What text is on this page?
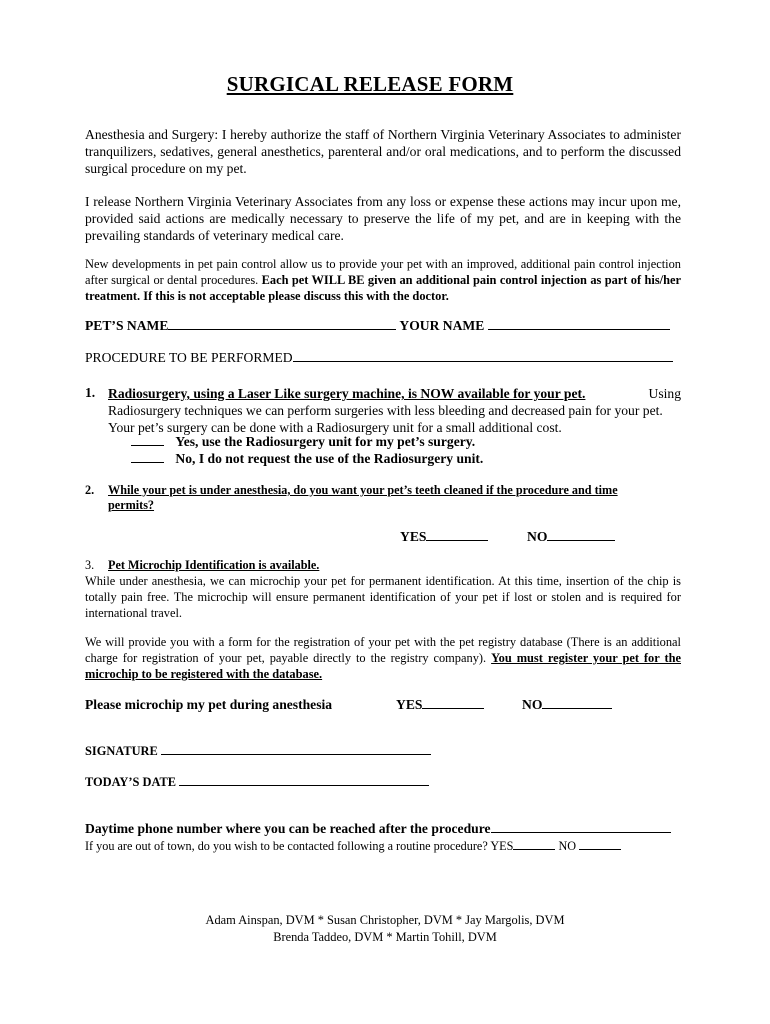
SURGICAL RELEASE FORM
Anesthesia and Surgery: I hereby authorize the staff of Northern Virginia Veterinary Associates to administer tranquilizers, sedatives, general anesthetics, parenteral and/or oral medications, and to perform the discussed surgical procedure on my pet.
I release Northern Virginia Veterinary Associates from any loss or expense these actions may incur upon me, provided said actions are medically necessary to preserve the life of my pet, and are in keeping with the prevailing standards of veterinary medical care.
New developments in pet pain control allow us to provide your pet with an improved, additional pain control injection after surgical or dental procedures. Each pet WILL BE given an additional pain control injection as part of his/her treatment. If this is not acceptable please discuss this with the doctor.
PET’S NAME	YOUR NAME
PROCEDURE TO BE PERFORMED
1. Radiosurgery, using a Laser Like surgery machine, is NOW available for your pet.	Using
Radiosurgery techniques we can perform surgeries with less bleeding and decreased pain for your pet.
Your pet’s surgery can be done with a Radiosurgery unit for a small additional cost.
Yes, use the Radiosurgery unit for my pet’s surgery.
No, I do not request the use of the Radiosurgery unit.
2. While your pet is under anesthesia, do you want your pet’s teeth cleaned if the procedure and time
permits?
YES	NO
3. Pet Microchip Identification is available.
While under anesthesia, we can microchip your pet for permanent identification. At this time, insertion of the chip is totally pain free. The microchip will ensure permanent identification of your pet if lost or stolen and is required for international travel.
We will provide you with a form for the registration of your pet with the pet registry database (There is an additional charge for registration of your pet, payable directly to the registry company). You must register your pet for the microchip to be registered with the database.
Please microchip my pet during anesthesia	YES	NO
SIGNATURE
TODAY’S DATE
Daytime phone number where you can be reached after the procedure
If you are out of town, do you wish to be contacted following a routine procedure? YES	NO
Adam Ainspan, DVM * Susan Christopher, DVM * Jay Margolis, DVM
Brenda Taddeo, DVM * Martin Tohill, DVM
